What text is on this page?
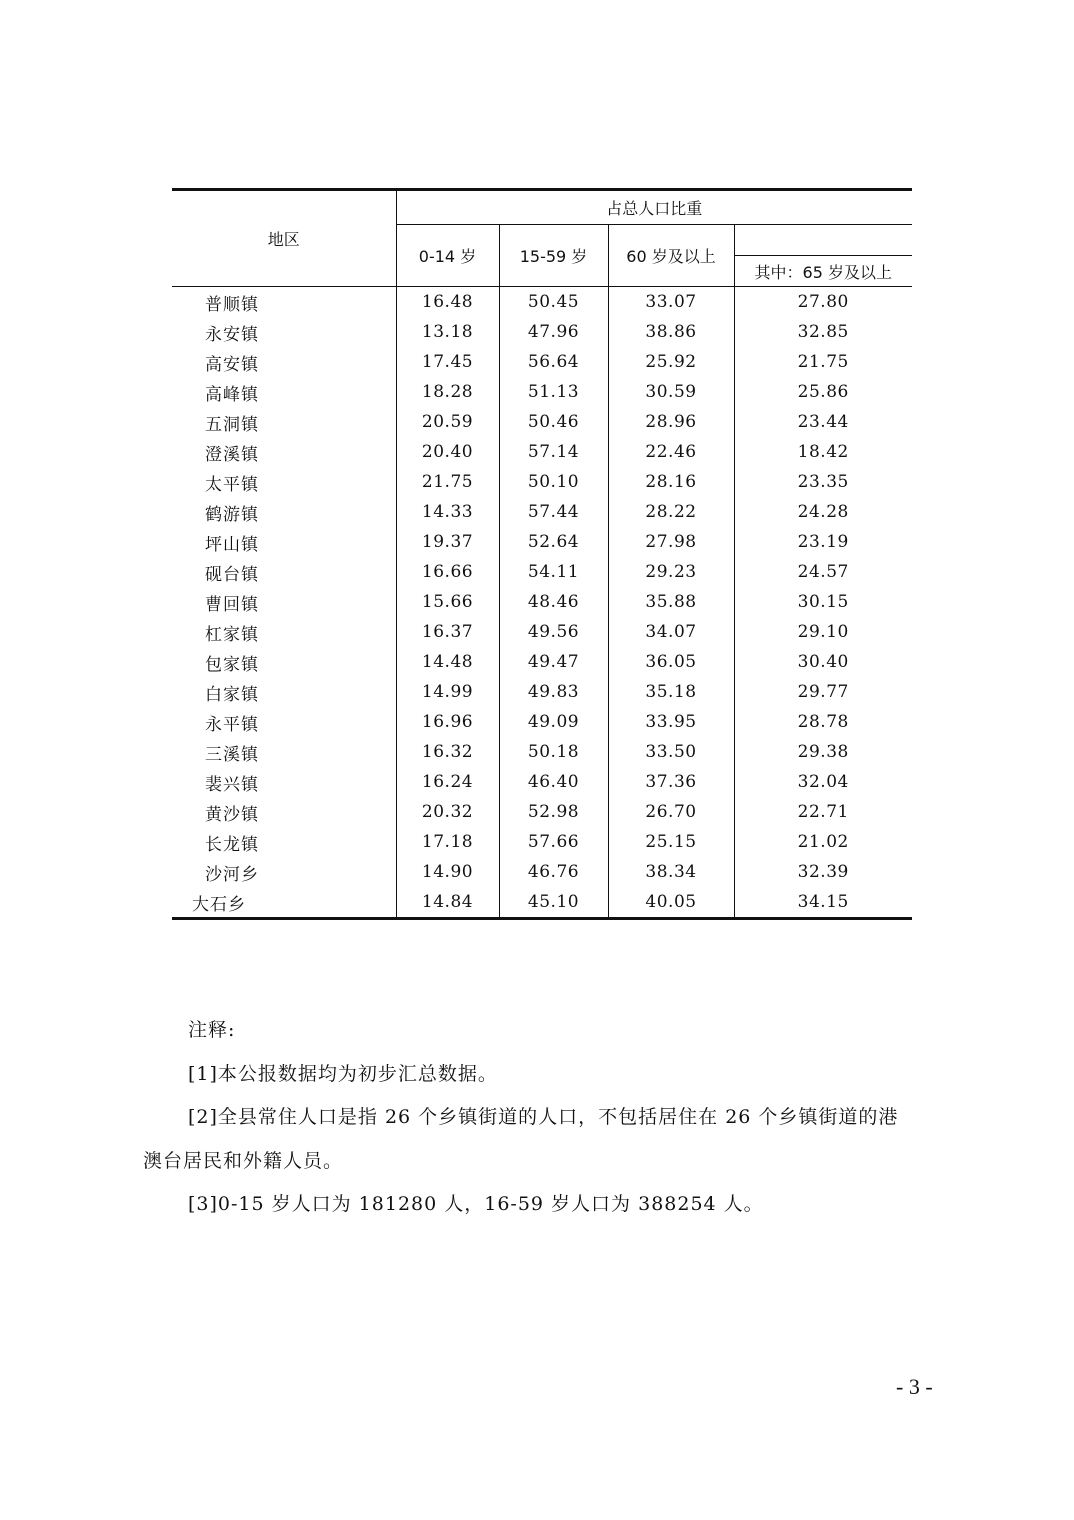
地区	占总人口比重			
	0-14 岁	15-59 岁	60 岁及以上	
				其中：65 岁及以上
普顺镇	16.48	50.45	33.07	27.80
永安镇	13.18	47.96	38.86	32.85
高安镇	17.45	56.64	25.92	21.75
高峰镇	18.28	51.13	30.59	25.86
五洞镇	20.59	50.46	28.96	23.44
澄溪镇	20.40	57.14	22.46	18.42
太平镇	21.75	50.10	28.16	23.35
鹤游镇	14.33	57.44	28.22	24.28
坪山镇	19.37	52.64	27.98	23.19
砚台镇	16.66	54.11	29.23	24.57
曹回镇	15.66	48.46	35.88	30.15
杠家镇	16.37	49.56	34.07	29.10
包家镇	14.48	49.47	36.05	30.40
白家镇	14.99	49.83	35.18	29.77
永平镇	16.96	49.09	33.95	28.78
三溪镇	16.32	50.18	33.50	29.38
裴兴镇	16.24	46.40	37.36	32.04
黄沙镇	20.32	52.98	26.70	22.71
长龙镇	17.18	57.66	25.15	21.02
沙河乡	14.90	46.76	38.34	32.39
大石乡	14.84	45.10	40.05	34.15
注释:
[1]本公报数据均为初步汇总数据。
[2]全县常住人口是指 26 个乡镇街道的人口，不包括居住在 26 个乡镇街道的港
澳台居民和外籍人员。
[3]0-15 岁人口为 181280 人，16-59 岁人口为 388254 人。
- 3 -
